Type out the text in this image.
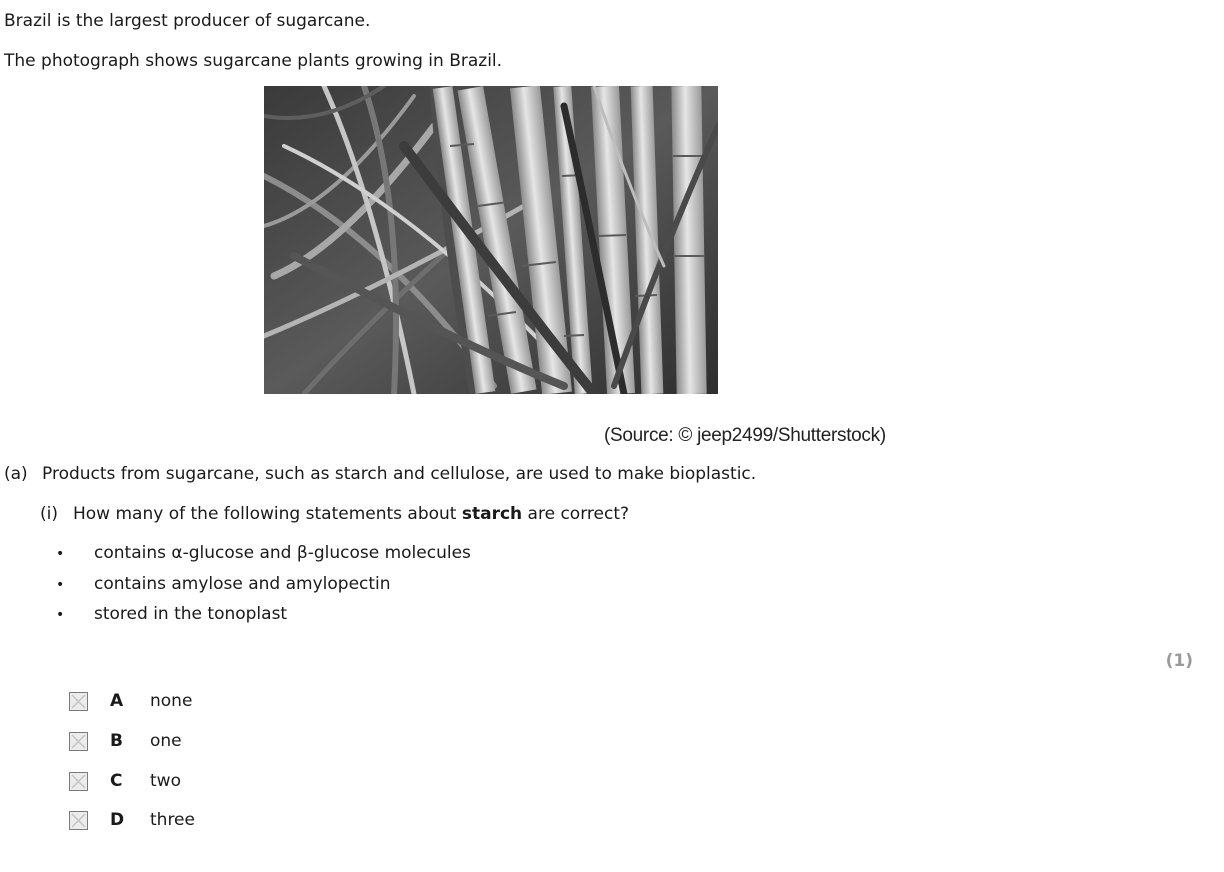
Brazil is the largest producer of sugarcane.
The photograph shows sugarcane plants growing in Brazil.
(Source: © jeep2499/Shutterstock)
(a) Products from sugarcane, such as starch and cellulose, are used to make bioplastic.
(i) How many of the following statements about starch are correct?
• contains α-glucose and β-glucose molecules
• contains amylose and amylopectin
• stored in the tonoplast
(1)
A	none
B	one
C	two
D	three
